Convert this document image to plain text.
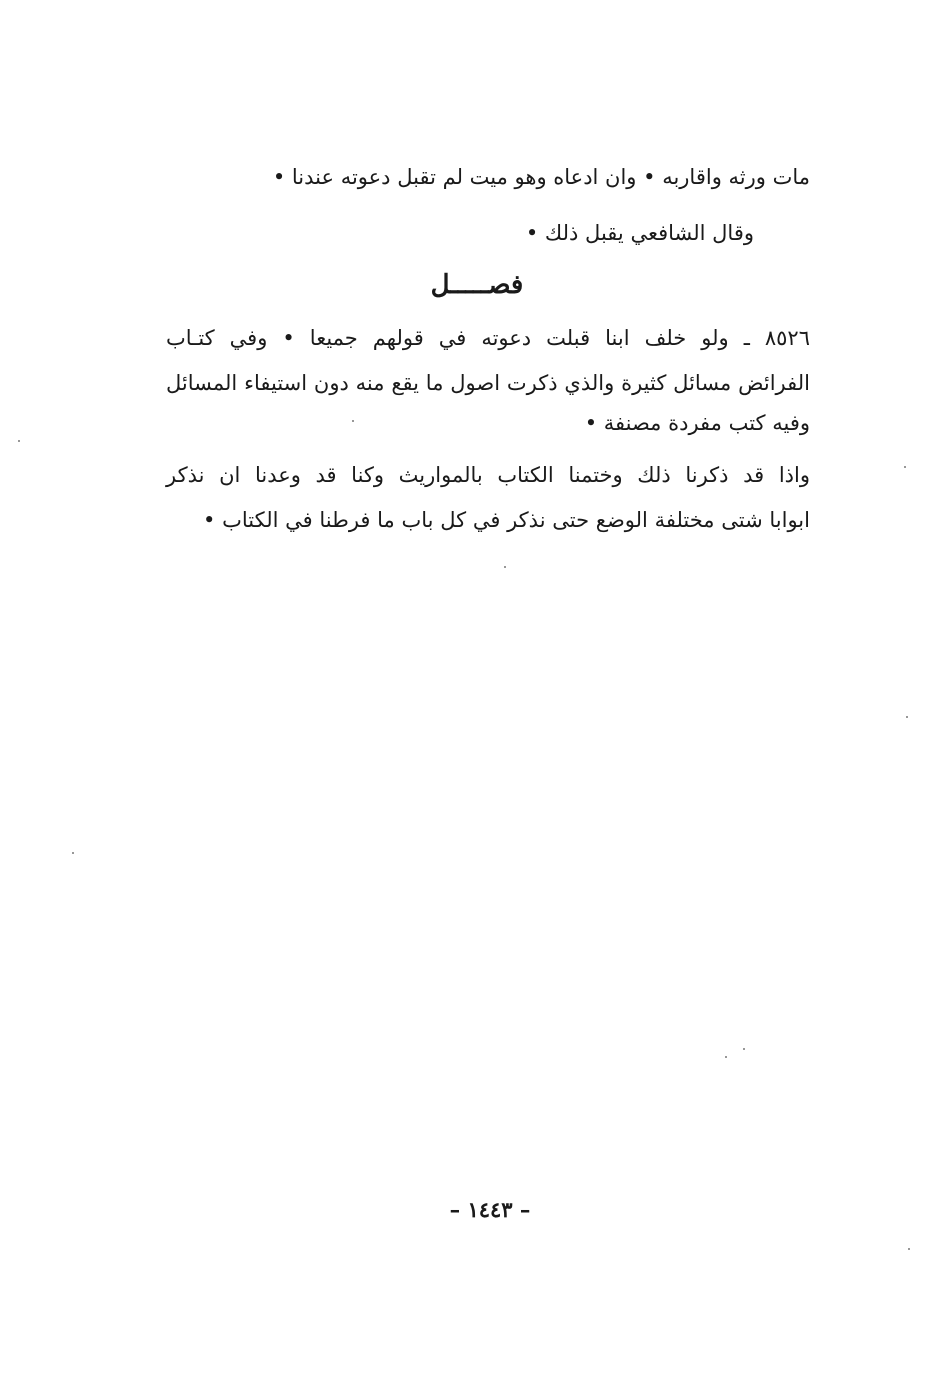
مات ورثه واقاربه • وان ادعاه وهو ميت لم تقبل دعوته عندنا •
وقال الشافعي يقبل ذلك •
فصـــــل
٨٥٢٦ ـ ولو خلف ابنا قبلت دعوته في قولهم جميعا • وفي كتـاب
الفرائض مسائل كثيرة والذي ذكرت اصول ما يقع منه دون استيفاء المسائل
وفيه كتب مفردة مصنفة •
واذا قد ذكرنا ذلك وختمنا الكتاب بالمواريث وكنا قد وعدنا ان نذكر
ابوابا شتى مختلفة الوضع حتى نذكر في كل باب ما فرطنا في الكتاب •
– ١٤٤٣ –
